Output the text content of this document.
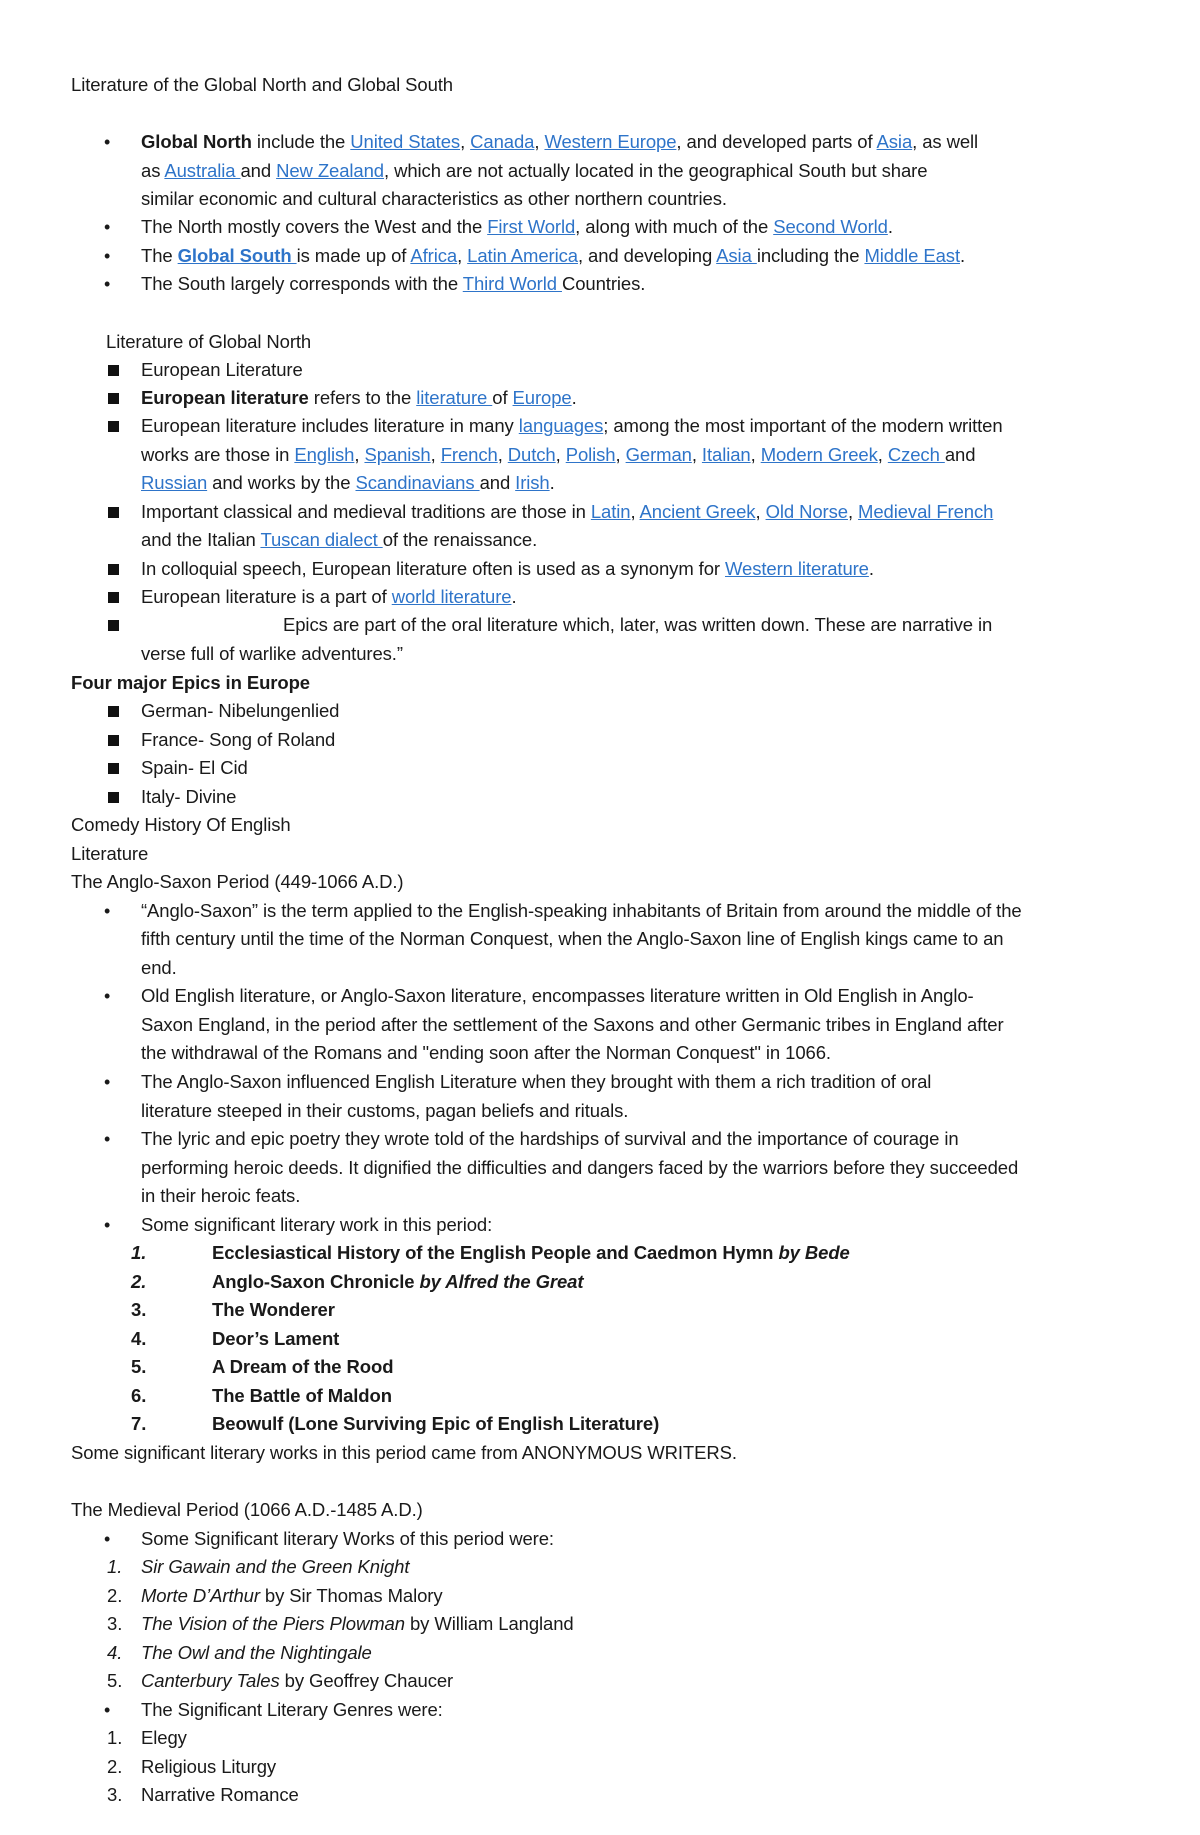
Literature of the Global North and Global South
• Global North include the United States, Canada, Western Europe, and developed parts of Asia, as well
as Australia and New Zealand, which are not actually located in the geographical South but share
similar economic and cultural characteristics as other northern countries.
• The North mostly covers the West and the First World, along with much of the Second World.
• The Global South is made up of Africa, Latin America, and developing Asia including the Middle East.
• The South largely corresponds with the Third World Countries.
Literature of Global North
European Literature
European literature refers to the literature of Europe.
European literature includes literature in many languages; among the most important of the modern written
works are those in English, Spanish, French, Dutch, Polish, German, Italian, Modern Greek, Czech and
Russian and works by the Scandinavians and Irish.
Important classical and medieval traditions are those in Latin, Ancient Greek, Old Norse, Medieval French
and the Italian Tuscan dialect of the renaissance.
In colloquial speech, European literature often is used as a synonym for Western literature.
European literature is a part of world literature.
Epics are part of the oral literature which, later, was written down. These are narrative in
verse full of warlike adventures.”
Four major Epics in Europe
German- Nibelungenlied
France- Song of Roland
Spain- El Cid
Italy- Divine
Comedy History Of English
Literature
The Anglo-Saxon Period (449-1066 A.D.)
• “Anglo-Saxon” is the term applied to the English-speaking inhabitants of Britain from around the middle of the
fifth century until the time of the Norman Conquest, when the Anglo-Saxon line of English kings came to an
end.
• Old English literature, or Anglo-Saxon literature, encompasses literature written in Old English in Anglo-
Saxon England, in the period after the settlement of the Saxons and other Germanic tribes in England after
the withdrawal of the Romans and "ending soon after the Norman Conquest" in 1066.
• The Anglo-Saxon influenced English Literature when they brought with them a rich tradition of oral
literature steeped in their customs, pagan beliefs and rituals.
• The lyric and epic poetry they wrote told of the hardships of survival and the importance of courage in
performing heroic deeds. It dignified the difficulties and dangers faced by the warriors before they succeeded
in their heroic feats.
• Some significant literary work in this period:
1.	Ecclesiastical History of the English People and Caedmon Hymn by Bede
2.	Anglo-Saxon Chronicle by Alfred the Great
3.	The Wonderer
4.	Deor’s Lament
5.	A Dream of the Rood
6.	The Battle of Maldon
7.	Beowulf (Lone Surviving Epic of English Literature)
Some significant literary works in this period came from ANONYMOUS WRITERS.
The Medieval Period (1066 A.D.-1485 A.D.)
• Some Significant literary Works of this period were:
1. Sir Gawain and the Green Knight
2. Morte D’Arthur by Sir Thomas Malory
3. The Vision of the Piers Plowman by William Langland
4. The Owl and the Nightingale
5. Canterbury Tales by Geoffrey Chaucer
• The Significant Literary Genres were:
1. Elegy
2. Religious Liturgy
3. Narrative Romance
